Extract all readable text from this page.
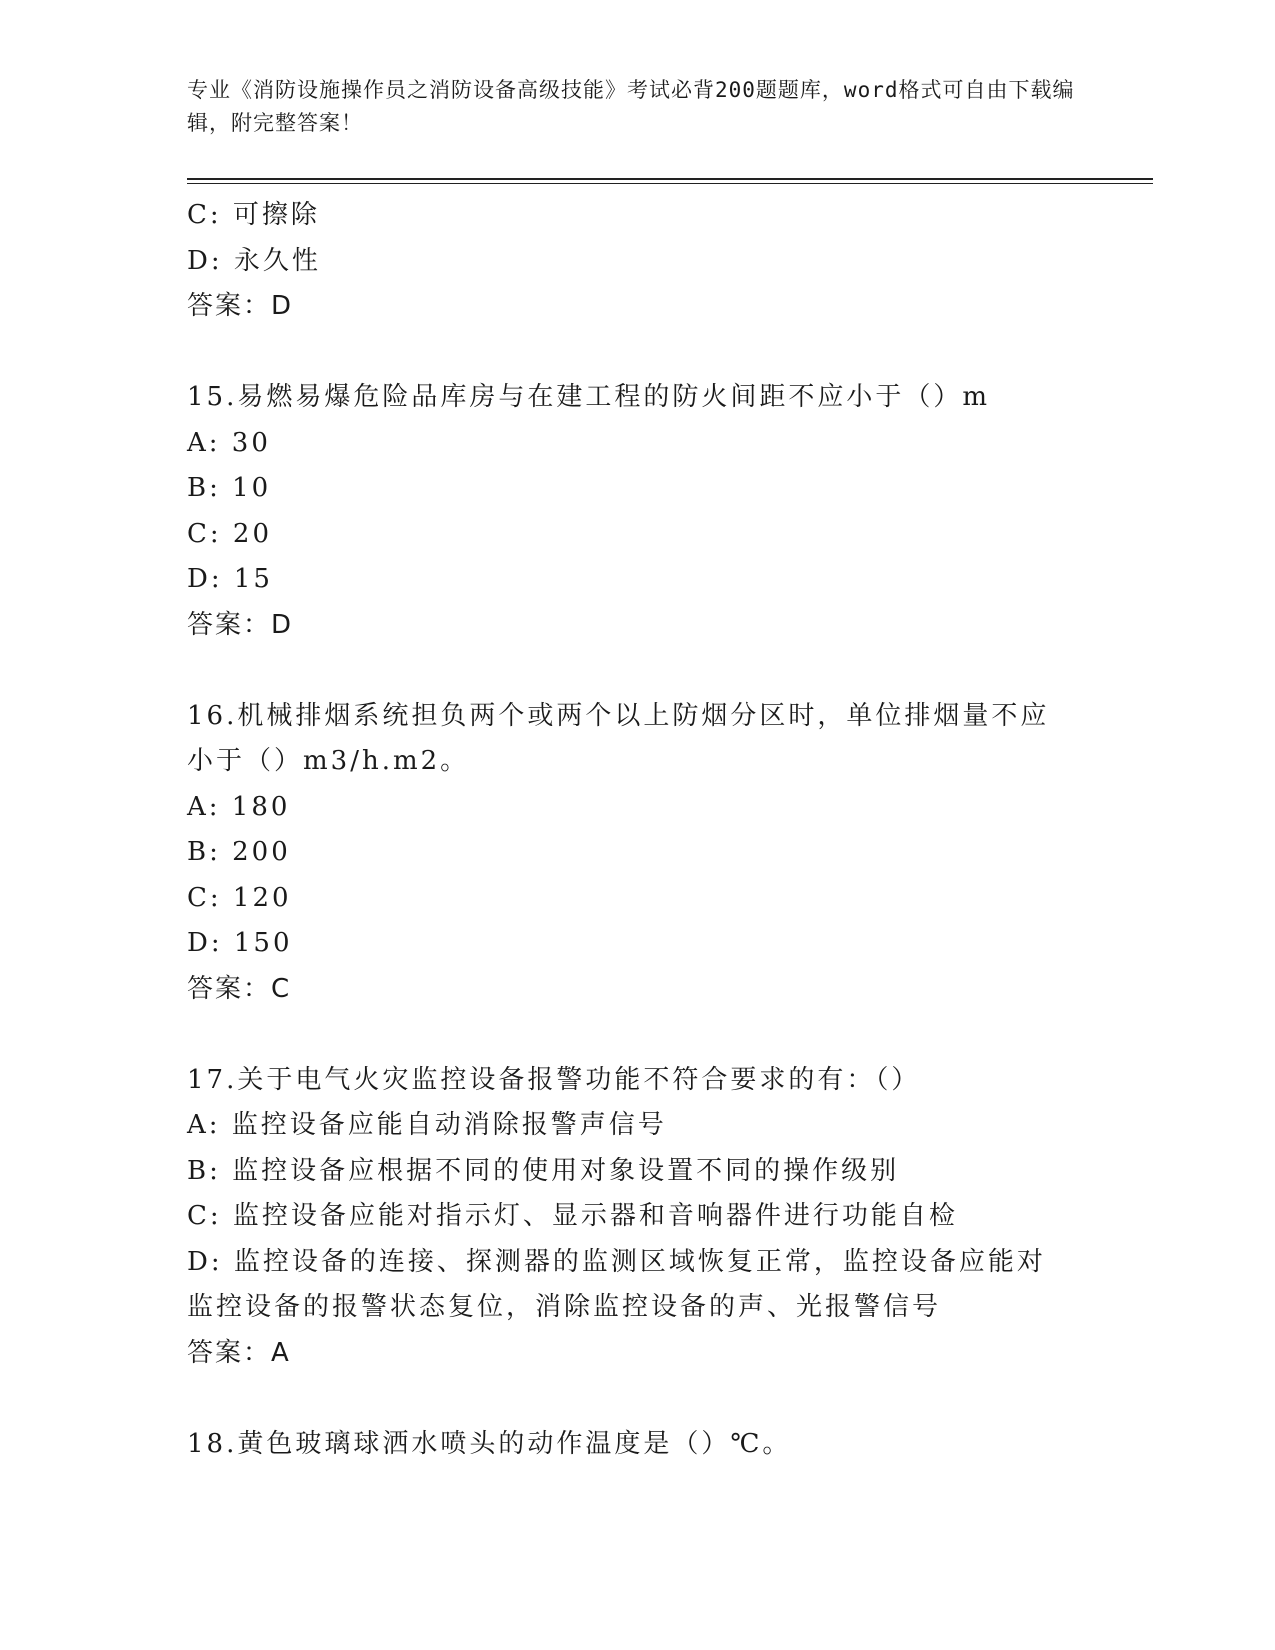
专业《消防设施操作员之消防设备高级技能》考试必背200题题库，word格式可自由下载编辑，附完整答案！
C: 可擦除
D: 永久性
答案：D
15.易燃易爆危险品库房与在建工程的防火间距不应小于（）m
A: 30
B: 10
C: 20
D: 15
答案：D
16.机械排烟系统担负两个或两个以上防烟分区时，单位排烟量不应小于（）m3/h.m2。
A: 180
B: 200
C: 120
D: 150
答案：C
17.关于电气火灾监控设备报警功能不符合要求的有：（）
A: 监控设备应能自动消除报警声信号
B: 监控设备应根据不同的使用对象设置不同的操作级别
C: 监控设备应能对指示灯、显示器和音响器件进行功能自检
D: 监控设备的连接、探测器的监测区域恢复正常，监控设备应能对监控设备的报警状态复位，消除监控设备的声、光报警信号
答案：A
18.黄色玻璃球洒水喷头的动作温度是（）℃。
